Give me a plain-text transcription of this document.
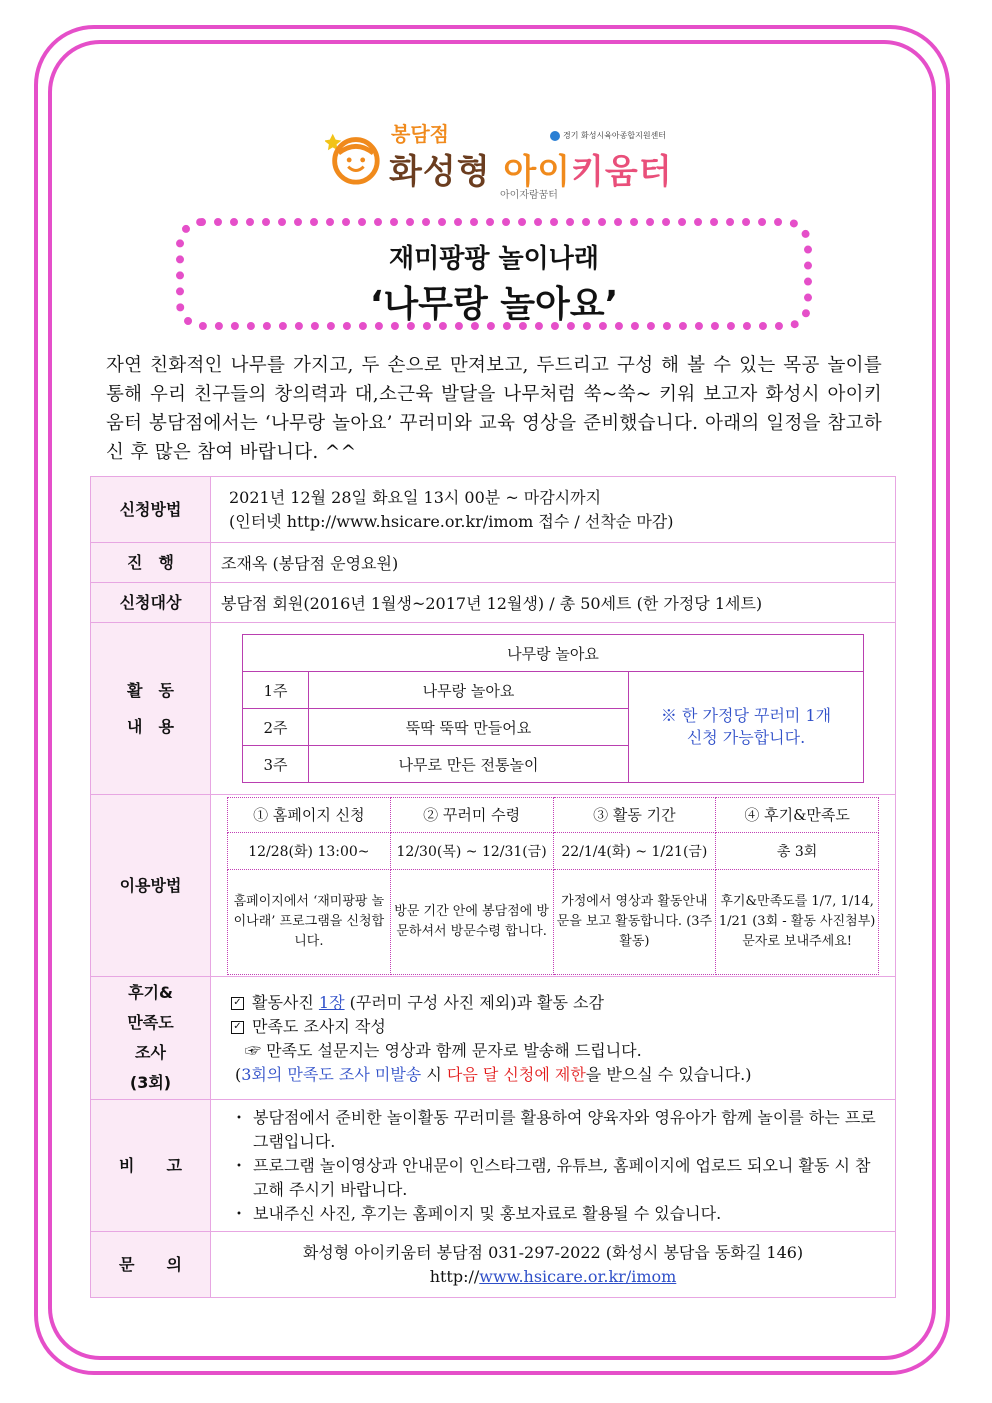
봉담점	경기 화성시육아종합지원센터
화성형 아이키움터
아이자람꿈터
재미팡팡 놀이나래
‘나무랑 놀아요’
자연 친화적인 나무를 가지고, 두 손으로 만져보고, 두드리고 구성 해 볼 수 있는 목공 놀이를 통해 우리 친구들의 창의력과 대,소근육 발달을 나무처럼 쑥~쑥~ 키워 보고자 화성시 아이키움터 봉담점에서는 ‘나무랑 놀아요’ 꾸러미와 교육 영상을 준비했습니다. 아래의 일정을 참고하신 후 많은 참여 바랍니다. ^^
신청방법	
2021년 12월 28일 화요일 13시 00분 ~ 마감시까지
(인터넷 http://www.hsicare.or.kr/imom 접수 / 선착순 마감)

진　행	조재옥 (봉담점 운영요원)
신청대상	봉담점 회원(2016년 1월생~2017년 12월생) / 총 50세트 (한 가정당 1세트)

활　동
내　용

나무랑 놀아요
1주	나무랑 놀아요	※ 한 가정당 꾸러미 1개 신청 가능합니다.
2주	뚝딱 뚝딱 만들어요
3주	나무로 만든 전통놀이

이용방법	
① 홈페이지 신청	② 꾸러미 수령	③ 활동 기간	④ 후기&만족도
12/28(화) 13:00~	12/30(목) ~ 12/31(금)	22/1/4(화) ~ 1/21(금)	총 3회
홈페이지에서 ‘재미팡팡 놀이나래’ 프로그램을 신청합니다.	방문 기간 안에 봉담점에 방문하셔서 방문수령 합니다.	가정에서 영상과 활동안내문을 보고 활동합니다. (3주 활동)	후기&만족도를 1/7, 1/14, 1/21 (3회 - 활동 사진첨부) 문자로 보내주세요!

후기&
만족도
조사
(3회)

✓ 활동사진 1장 (꾸러미 구성 사진 제외)과 활동 소감
✓ 만족도 조사지 작성
☞ 만족도 설문지는 영상과 함께 문자로 발송해 드립니다.
(3회의 만족도 조사 미발송 시 다음 달 신청에 제한을 받으실 수 있습니다.)

비　　고	
・ 봉담점에서 준비한 놀이활동 꾸러미를 활용하여 양육자와 영유아가 함께 놀이를 하는 프로그램입니다.
・ 프로그램 놀이영상과 안내문이 인스타그램, 유튜브, 홈페이지에 업로드 되오니 활동 시 참고해 주시기 바랍니다.
・ 보내주신 사진, 후기는 홈페이지 및 홍보자료로 활용될 수 있습니다.

문　　의	
화성형 아이키움터 봉담점 031-297-2022 (화성시 봉담읍 동화길 146)
http://www.hsicare.or.kr/imom
